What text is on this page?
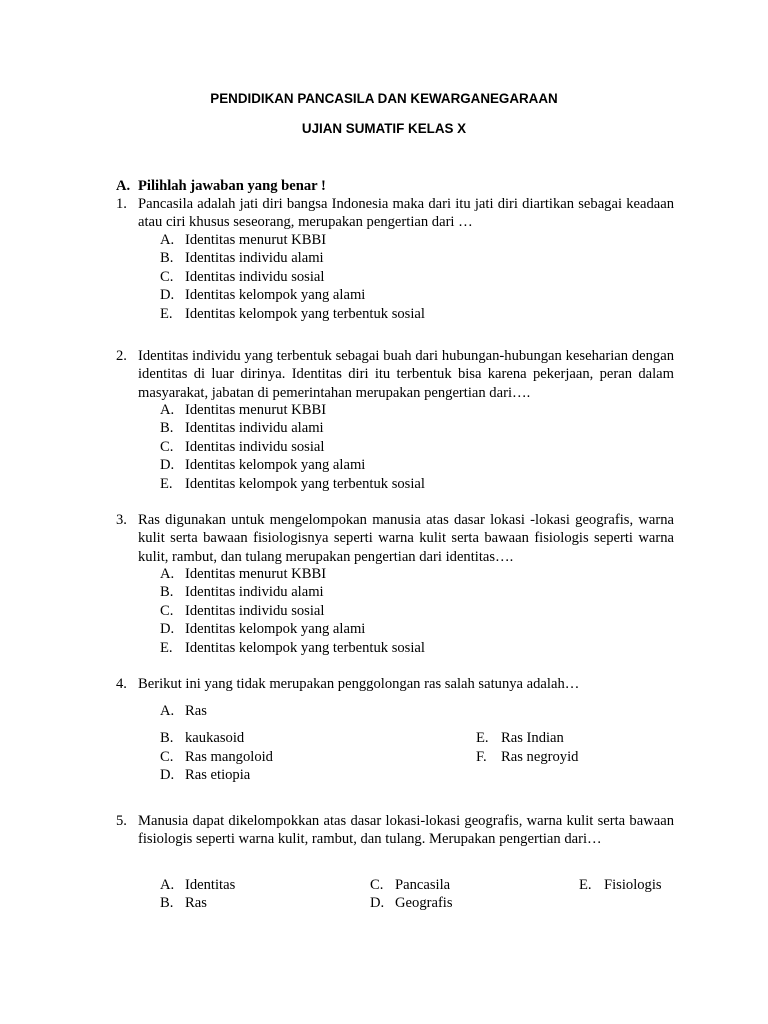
PENDIDIKAN PANCASILA DAN KEWARGANEGARAAN
UJIAN SUMATIF KELAS X
A. Pilihlah jawaban yang benar !
1. Pancasila adalah jati diri bangsa Indonesia maka dari itu jati diri diartikan sebagai keadaan atau ciri khusus seseorang, merupakan pengertian dari …
A. Identitas menurut KBBI
B. Identitas individu alami
C. Identitas individu sosial
D. Identitas kelompok yang alami
E. Identitas kelompok yang terbentuk sosial
2. Identitas individu yang terbentuk sebagai buah dari hubungan-hubungan keseharian dengan identitas di luar dirinya. Identitas diri itu terbentuk bisa karena pekerjaan, peran dalam masyarakat, jabatan di pemerintahan merupakan pengertian dari….
A. Identitas menurut KBBI
B. Identitas individu alami
C. Identitas individu sosial
D. Identitas kelompok yang alami
E. Identitas kelompok yang terbentuk sosial
3. Ras digunakan untuk mengelompokan manusia atas dasar lokasi -lokasi geografis, warna kulit serta bawaan fisiologisnya seperti warna kulit serta bawaan fisiologis seperti warna kulit, rambut, dan tulang merupakan pengertian dari identitas….
A. Identitas menurut KBBI
B. Identitas individu alami
C. Identitas individu sosial
D. Identitas kelompok yang alami
E. Identitas kelompok yang terbentuk sosial
4. Berikut ini yang tidak merupakan penggolongan ras salah satunya adalah…
A. Ras
B. kaukasoid
C. Ras mangoloid
D. Ras etiopia
E. Ras Indian
F. Ras negroyid
5. Manusia dapat dikelompokkan atas dasar lokasi-lokasi geografis, warna kulit serta bawaan fisiologis seperti warna kulit, rambut, dan tulang. Merupakan pengertian dari…
A. Identitas
B. Ras
C. Pancasila
D. Geografis
E. Fisiologis
